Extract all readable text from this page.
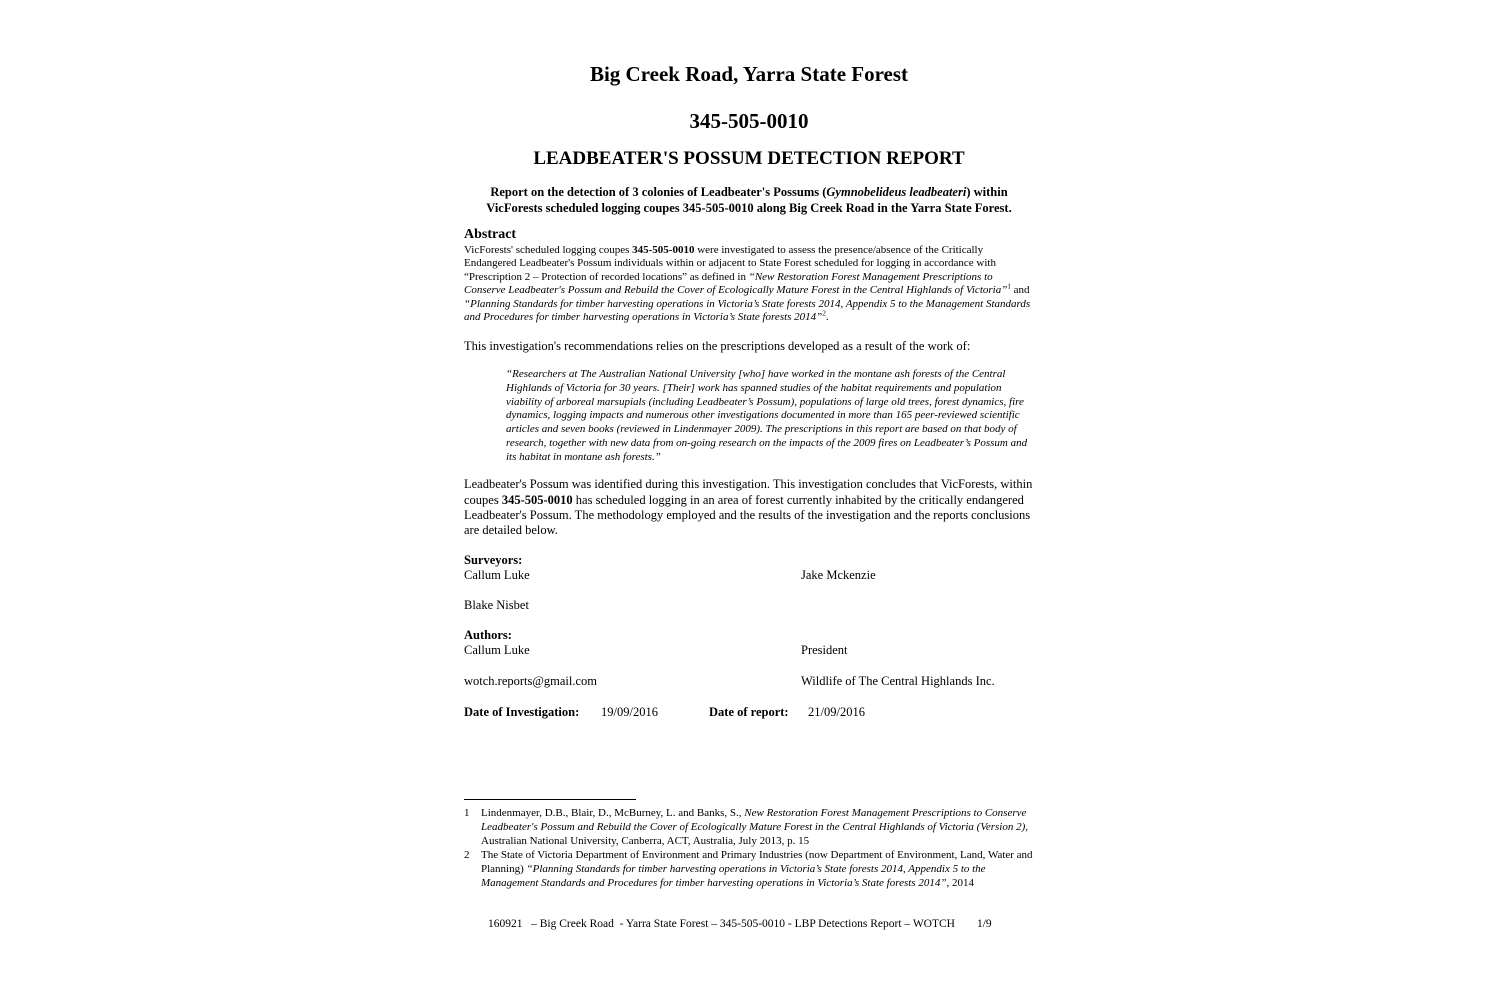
Big Creek Road, Yarra State Forest
345-505-0010
LEADBEATER'S POSSUM DETECTION REPORT

Report on the detection of 3 colonies of Leadbeater's Possums (Gymnobelideus leadbeateri) within VicForests scheduled logging coupes 345-505-0010 along Big Creek Road in the Yarra State Forest.

Abstract

VicForests' scheduled logging coupes 345-505-0010 were investigated to assess the presence/absence of the Critically Endangered Leadbeater's Possum individuals within or adjacent to State Forest scheduled for logging in accordance with “Prescription 2 – Protection of recorded locations” as defined in “New Restoration Forest Management Prescriptions to Conserve Leadbeater's Possum and Rebuild the Cover of Ecologically Mature Forest in the Central Highlands of Victoria”$^1$ and “Planning Standards for timber harvesting operations in Victoria’s State forests 2014, Appendix 5 to the Management Standards and Procedures for timber harvesting operations in Victoria’s State forests 2014”$^2$.

This investigation's recommendations relies on the prescriptions developed as a result of the work of:

“Researchers at The Australian National University [who] have worked in the montane ash forests of the Central Highlands of Victoria for 30 years. [Their] work has spanned studies of the habitat requirements and population viability of arboreal marsupials (including Leadbeater’s Possum), populations of large old trees, forest dynamics, fire dynamics, logging impacts and numerous other investigations documented in more than 165 peer-reviewed scientific articles and seven books (reviewed in Lindenmayer 2009). The prescriptions in this report are based on that body of research, together with new data from on-going research on the impacts of the 2009 fires on Leadbeater’s Possum and its habitat in montane ash forests.”

Leadbeater's Possum was identified during this investigation. This investigation concludes that VicForests, within coupes 345-505-0010 has scheduled logging in an area of forest currently inhabited by the critically endangered Leadbeater's Possum. The methodology employed and the results of the investigation and the reports conclusions are detailed below.

Surveyors:
Callum Luke	Jake Mckenzie
Blake Nisbet
Authors:
Callum Luke	President
wotch.reports@gmail.com	Wildlife of The Central Highlands Inc.
Date of Investigation: 19/09/2016	Date of report: 21/09/2016
1 Lindenmayer, D.B., Blair, D., McBurney, L. and Banks, S., New Restoration Forest Management Prescriptions to Conserve Leadbeater's Possum and Rebuild the Cover of Ecologically Mature Forest in the Central Highlands of Victoria (Version 2), Australian National University, Canberra, ACT, Australia, July 2013, p. 15
2 The State of Victoria Department of Environment and Primary Industries (now Department of Environment, Land, Water and Planning) “Planning Standards for timber harvesting operations in Victoria’s State forests 2014, Appendix 5 to the Management Standards and Procedures for timber harvesting operations in Victoria’s State forests 2014”, 2014
160921   – Big Creek Road  - Yarra State Forest – 345-505-0010 - LBP Detections Report – WOTCH 1/9
